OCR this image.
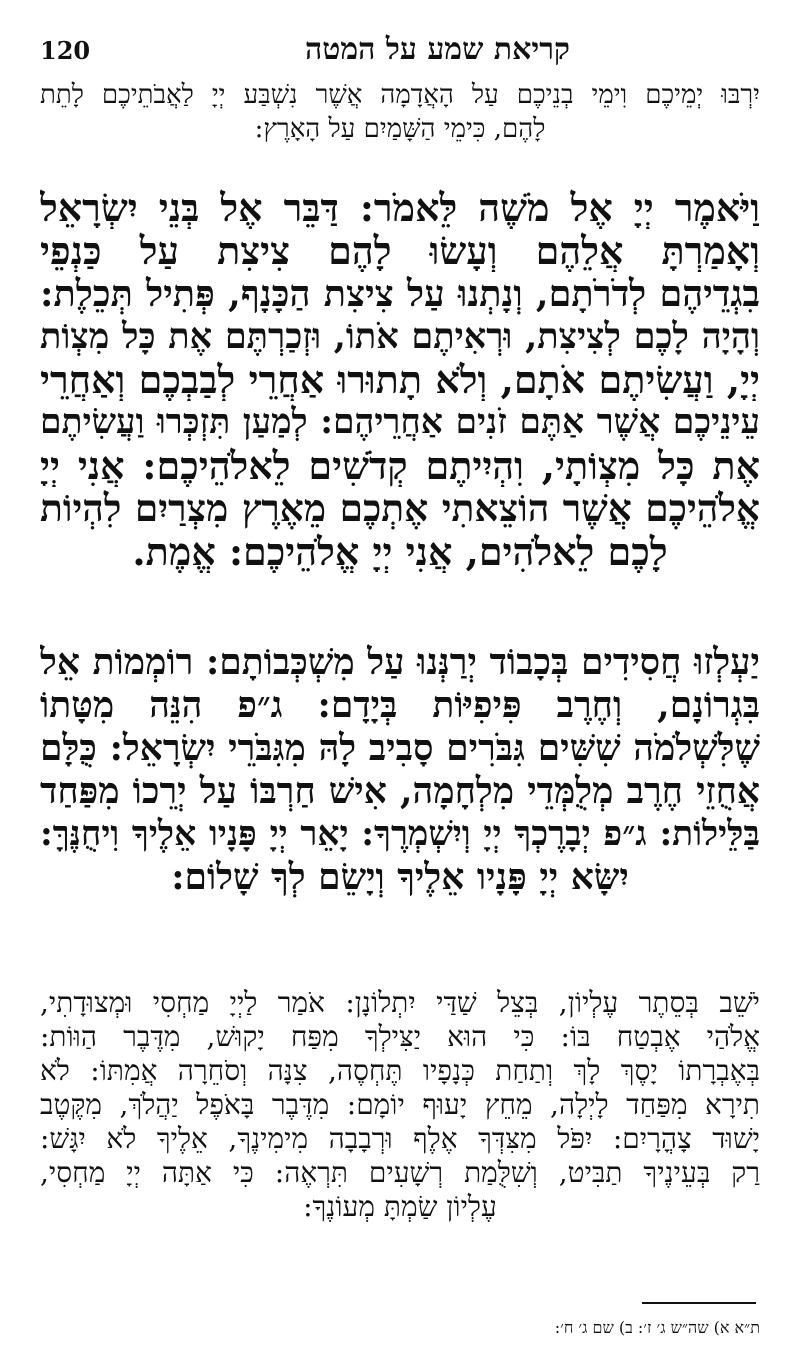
קריאת שמע על המטה
120
יִרְבּוּ יְמֵיכֶם וִימֵי בְנֵיכֶם עַל הָאֲדָמָה אֲשֶׁר נִשְׁבַּע יְיָ לַאֲבֹתֵיכֶם לָתֵת
לָהֶם, כִּימֵי הַשָּׁמַיִם עַל הָאָרֶץ:
וַיֹּאמֶר יְיָ אֶל מֹשֶׁה לֵּאמֹר: דַּבֵּר אֶל בְּנֵי יִשְׂרָאֵל
וְאָמַרְתָּ אֲלֵהֶם וְעָשׂוּ לָהֶם צִיצִת עַל כַּנְפֵי
בִגְדֵיהֶם לְדֹרֹתָם, וְנָתְנוּ עַל צִיצִת הַכָּנָף, פְּתִיל תְּכֵלֶת:
וְהָיָה לָכֶם לְצִיצִת, וּרְאִיתֶם אֹתוֹ, וּזְכַרְתֶּם אֶת כָּל מִצְוֹת
יְיָ, וַעֲשִׂיתֶם אֹתָם, וְלֹא תָתוּרוּ אַחֲרֵי לְבַבְכֶם וְאַחֲרֵי
עֵינֵיכֶם אֲשֶׁר אַתֶּם זֹנִים אַחֲרֵיהֶם: לְמַעַן תִּזְכְּרוּ וַעֲשִׂיתֶם
אֶת כָּל מִצְוֹתָי, וִהְיִיתֶם קְדֹשִׁים לֵאלֹהֵיכֶם: אֲנִי יְיָ
אֱלֹהֵיכֶם אֲשֶׁר הוֹצֵאתִי אֶתְכֶם מֵאֶרֶץ מִצְרַיִם לִהְיוֹת
לָכֶם לֵאלֹהִים, אֲנִי יְיָ אֱלֹהֵיכֶם: אֱמֶת.
יַעְלְזוּ חֲסִידִים בְּכָבוֹד יְרַנְּנוּ עַל מִשְׁכְּבוֹתָם: רוֹמְמוֹת אֵל
בִּגְרוֹנָם, וְחֶרֶב פִּיפִיּוֹת בְּיָדָם: ג״פ הִנֵּה מִטָּתוֹ
שֶׁלִּשְׁלֹמֹה שִׁשִּׁים גִּבֹּרִים סָבִיב לָהּ מִגִּבֹּרֵי יִשְׂרָאֵל: כֻּלָּם
אֲחֻזֵי חֶרֶב מְלֻמְּדֵי מִלְחָמָה, אִישׁ חַרְבּוֹ עַל יְרֵכוֹ מִפַּחַד
בַּלֵּילוֹת: ג״פ יְבָרֶכְךָ יְיָ וְיִשְׁמְרֶךָ: יָאֵר יְיָ פָּנָיו אֵלֶיךָ וִיחֻנֶּךָּ:
יִשָּׂא יְיָ פָּנָיו אֵלֶיךָ וְיָשֵׂם לְךָ שָׁלוֹם:
יֹשֵׁב בְּסֵתֶר עֶלְיוֹן, בְּצֵל שַׁדַּי יִתְלוֹנָן: אֹמַר לַיְיָ מַחְסִי וּמְצוּדָתִי,
אֱלֹהַי אֶבְטַח בּוֹ: כִּי הוּא יַצִּילְךָ מִפַּח יָקוּשׁ, מִדֶּבֶר הַוּוֹת:
בְּאֶבְרָתוֹ יָסֶךְ לָךְ וְתַחַת כְּנָפָיו תֶּחְסֶה, צִנָּה וְסֹחֵרָה אֲמִתּוֹ: לֹא
תִירָא מִפַּחַד לָיְלָה, מֵחֵץ יָעוּף יוֹמָם: מִדֶּבֶר בָּאֹפֶל יַהֲלֹךְ, מִקֶּטֶב
יָשׁוּד צָהֳרָיִם: יִפֹּל מִצִּדְּךָ אֶלֶף וּרְבָבָה מִימִינֶךָ, אֵלֶיךָ לֹא יִגָּשׁ:
רַק בְּעֵינֶיךָ תַבִּיט, וְשִׁלֻּמַת רְשָׁעִים תִּרְאֶה: כִּי אַתָּה יְיָ מַחְסִי,
עֶלְיוֹן שַׂמְתָּ מְעוֹנֶךָ:
ת״א א) שה״ש ג׳ ז׳: ב) שם ג׳ ח׳:
